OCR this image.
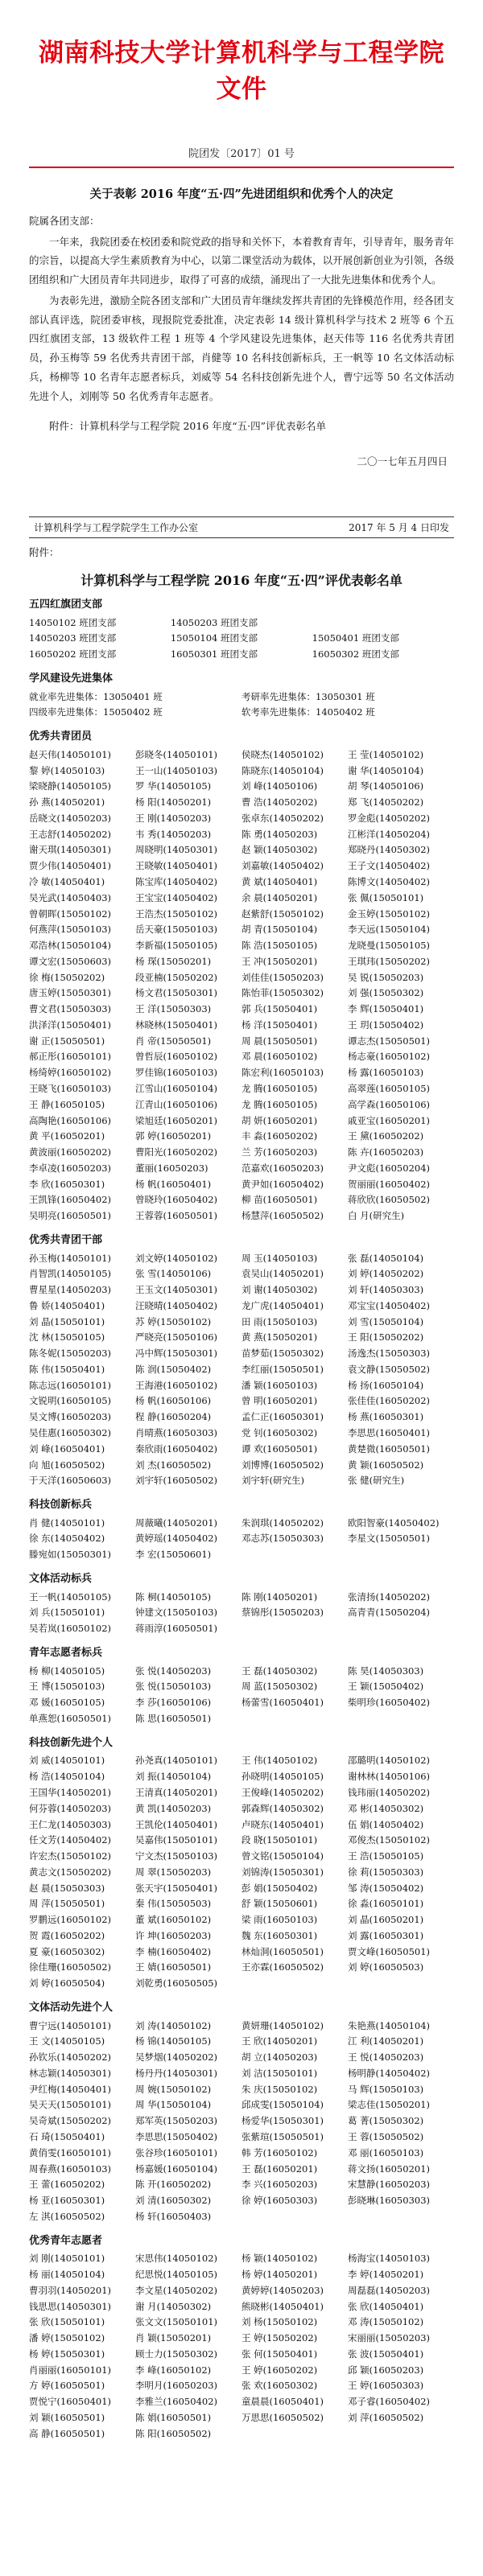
湖南科技大学计算机科学与工程学院文件
院团发〔2017〕01 号
关于表彰 2016 年度“五·四”先进团组织和优秀个人的决定
院属各团支部：

一年来，我院团委在校团委和院党政的指导和关怀下，本着教育青年，引导青年，服务青年的宗旨，以提高大学生素质教育为中心，以第二课堂活动为载体，以开展创新创业为引领，各级团组织和广大团员青年共同进步，取得了可喜的成绩，涌现出了一大批先进集体和优秀个人。

为表彰先进，激励全院各团支部和广大团员青年继续发挥共青团的先锋模范作用，经各团支部认真评选，院团委审核，现报院党委批准，决定表彰 14 级计算机科学与技术 2 班等 6 个五四红旗团支部，13 级软件工程 1 班等 4 个学风建设先进集体，赵天伟等 116 名优秀共青团员，孙玉梅等 59 名优秀共青团干部，肖健等 10 名科技创新标兵，王一帆等 10 名文体活动标兵，杨柳等 10 名青年志愿者标兵，刘威等 54 名科技创新先进个人，曹宁远等 50 名文体活动先进个人，刘刚等 50 名优秀青年志愿者。

附件：计算机科学与工程学院 2016 年度“五·四”评优表彰名单
二〇一七年五月四日
计算机科学与工程学院学生工作办公室	2017 年 5 月 4 日印发
附件：
计算机科学与工程学院 2016 年度“五·四”评优表彰名单
五四红旗团支部
14050102 班团支部	14050203 班团支部
14050203 班团支部	15050104 班团支部	15050401 班团支部
16050202 班团支部	16050301 班团支部	16050302 班团支部
学风建设先进集体
就业率先进集体：13050401 班	考研率先进集体：13050301 班
四级率先进集体：15050402 班	软考率先进集体：14050402 班
优秀共青团员
赵天伟(14050101)	彭晓冬(14050101)	侯晓杰(14050102)	王 莹(14050102)
黎 婷(14050103)	王一山(14050103)	陈晓东(14050104)	谢 华(14050104)
梁晓静(14050105)	罗 华(14050105)	刘 峰(14050106)	胡 琴(14050106)
孙 燕(14050201)	杨 阳(14050201)	曹 浩(14050202)	郑 飞(14050202)
岳晓文(14050203)	王 刚(14050203)	张卓东(14050202)	罗金彪(14050202)
王志舒(14050202)	韦 秀(14050203)	陈 勇(14050203)	江彬洋(14050204)
谢天琪(14050301)	周晓明(14050301)	赵 颖(14050302)	郑晓丹(14050302)
贾少伟(14050401)	王晓敏(14050401)	刘嘉敏(14050402)	王子文(14050402)
冷 敏(14050401)	陈宝库(14050402)	黄 斌(14050401)	陈博文(14050402)
吴光武(14050403)	王宝宝(14050402)	余 晨(14050201)	张 佩(15050101)
曾朝晖(15050102)	王浩杰(15050102)	赵紫舒(15050102)	金玉婷(15050102)
何燕萍(15050103)	岳天豪(15050103)	胡 青(15050104)	李天远(15050104)
邓浩林(15050104)	李新福(15050105)	陈 浩(15050105)	龙晓曼(15050105)
谭文宏(15050603)	杨 琛(15050201)	王 冲(15050201)	王琪玮(15050202)
徐 梅(15050202)	段亚楠(15050202)	刘佳佳(15050203)	吴 锐(15050203)
唐玉婷(15050301)	杨文君(15050301)	陈怡菲(15050302)	刘 强(15050302)
曹文君(15050303)	王 洋(15050303)	郭 兵(15050401)	李 辉(15050401)
洪泽洋(15050401)	林晓林(15050401)	杨 洋(15050401)	王 玥(15050402)
谢 正(15050501)	肖 帝(15050501)	周 晨(15050501)	谭志杰(15050501)
郝正彤(16050101)	曾哲辰(16050102)	邓 晨(16050102)	杨志豪(16050102)
杨绮婷(16050102)	罗佳锦(16050103)	陈宏利(16050103)	杨 露(16050103)
王晓飞(16050103)	江雪山(16050104)	龙 腾(16050105)	高翠莲(16050105)
王 静(16050105)	江青山(16050106)	龙 腾(16050105)	高学森(16050106)
高陶艳(16050106)	梁旭廷(16050201)	胡 妍(16050201)	戚亚宝(16050201)
黄 平(16050201)	郭 婷(16050201)	丰 淼(16050202)	王 黛(16050202)
黄波丽(16050202)	曹阳光(16050202)	兰 芳(16050203)	陈 卉(16050203)
李卓凌(16050203)	董丽(16050203)	范嘉欢(16050203)	尹文彪(16050204)
李 欣(16050301)	杨 帆(16050401)	黄尹如(16050402)	贺丽丽(16050402)
王凯锋(16050402)	曾晓玲(16050402)	柳 苗(16050501)	蒋欣欣(16050502)
吴明亮(16050501)	王蓉蓉(16050501)	杨慧萍(16050502)	白 月(研究生)
优秀共青团干部
孙玉梅(14050101)	刘文婷(14050102)	周 玉(14050103)	张 磊(14050104)
肖智凯(14050105)	张 雪(14050106)	袁吴山(14050201)	刘 婷(14050202)
曹星星(14050203)	王玉文(14050301)	刘 谢(14050302)	刘 轩(14050303)
鲁 娇(14050401)	汪晓晴(14050402)	龙广虎(14050401)	邓宝宝(14050402)
刘 晶(15050101)	苏 婷(15050102)	田 雨(15050103)	刘 雪(15050104)
沈 林(15050105)	严晓亮(15050106)	黄 燕(15050201)	王 阳(15050202)
陈冬妮(15050203)	冯中辉(15050301)	苗梦茹(15050302)	汤逸杰(15050303)
陈 伟(15050401)	陈 润(15050402)	李红丽(15050501)	袁文静(15050502)
陈志远(16050101)	王海港(16050102)	潘 颖(16050103)	杨 扬(16050104)
文锐明(16050105)	杨 帆(16050106)	曾 明(16050201)	张佳佳(16050202)
吴文博(16050203)	程 静(16050204)	孟仁正(16050301)	杨 燕(16050301)
吴佳惠(16050302)	肖晴燕(16050303)	党 钊(16050302)	李思思(16050401)
刘 峰(16050401)	秦欣雨(16050402)	谭 欢(16050501)	黄楚微(16050501)
向 旭(16050502)	刘 杰(16050502)	刘博博(16050502)	黄 颖(16050502)
于天洋(16050603)	刘宇轩(16050502)	刘宇轩(研究生)	张 健(研究生)
科技创新标兵
肖 健(14050101)	周薇曦(14050201)	朱润琪(14050202)	欧阳智豪(14050402)
徐 东(14050402)	黄婷瑶(14050402)	邓志苏(15050303)	李星文(15050501)
滕宛如(15050301)	李 宏(15050601)
文体活动标兵
王一帆(14050105)	陈 桐(14050105)	陈 刚(14050201)	张清扬(14050202)
刘 兵(15050101)	钟建文(15050103)	蔡锦彤(15050203)	高青青(15050204)
吴若岚(16050102)	蒋雨淳(16050501)
青年志愿者标兵
杨 柳(14050105)	张 悦(14050203)	王 磊(14050302)	陈 昊(14050303)
王 博(15050103)	张 悦(15050103)	周 蓝(15050302)	王 颖(15050402)
邓 媛(16050105)	李 莎(16050106)	杨蕾雪(16050401)	柴明珍(16050402)
单燕恕(16050501)	陈 思(16050501)
科技创新先进个人
刘 威(14050101)	孙尧真(14050101)	王 伟(14050102)	邵璐明(14050102)
杨 浩(14050104)	刘 振(14050104)	孙晓明(14050105)	谢林林(14050106)
王国华(14050201)	王清真(14050201)	王俊峰(14050202)	钱玮丽(14050202)
何芬蓉(14050203)	黄 凯(14050203)	郭森辉(14050302)	邓 彬(14050302)
王仁龙(14050303)	王凯伦(14050401)	卢晓东(14050401)	伍 娟(14050402)
任文芳(14050402)	吴嘉伟(15050101)	段 晓(15050101)	邓俊杰(15050102)
许宏杰(15050102)	宁文杰(15050103)	曾文铭(15050104)	王 浩(15050105)
黄志文(15050202)	周 翠(15050203)	刘锦涛(15050301)	徐 莉(15050303)
赵 晨(15050303)	张天宇(15050401)	彭 娟(15050402)	邹 涛(15050402)
周 萍(15050501)	秦 伟(15050503)	舒 颖(15050601)	徐 淼(16050101)
罗鹏远(16050102)	董 斌(16050102)	梁 雨(16050103)	刘 晶(16050201)
贺 霞(16050202)	许 坤(16050203)	魏 东(16050301)	刘 露(16050301)
夏 豪(16050302)	李 楠(16050402)	林灿洞(16050501)	贾文峰(16050501)
徐佳珊(16050502)	王 婧(16050501)	王亦霖(16050502)	刘 婷(16050503)
刘 婷(16050504)	刘乾勇(16050505)
文体活动先进个人
曹宁远(14050101)	刘 涛(14050102)	黄妍珊(14050102)	朱艳燕(14050104)
王 文(14050105)	杨 锦(14050105)	王 欣(14050201)	江 利(14050201)
孙钦乐(14050202)	吴梦烟(14050202)	胡 立(14050203)	王 悦(14050203)
林志颖(14050301)	杨丹丹(14050301)	刘 洁(15050101)	杨明静(14050402)
尹红梅(14050401)	周 婉(15050102)	朱 庆(15050102)	马 辉(15050103)
吴天天(15050101)	周 华(15050104)	邱成雯(15050104)	梁志佳(15050201)
吴奇斌(15050202)	郑军英(15050203)	杨爱华(15050301)	葛 菁(15050302)
石 琦(15050401)	李思思(15050402)	张紫瑄(15050501)	王 蓉(15050502)
黄俏雯(16050101)	张谷珍(16050101)	韩 芳(16050102)	邓 丽(16050103)
周春燕(16050103)	杨嘉媛(16050104)	王 磊(16050201)	蒋文扬(16050201)
王 蕾(16050202)	陈 开(16050202)	李 兴(16050203)	宋慧静(16050203)
杨 亚(16050301)	刘 清(16050302)	徐 婷(16050303)	彭晓琳(16050303)
左 淇(16050502)	杨 轩(16050403)
优秀青年志愿者
刘 刚(14050101)	宋思伟(14050102)	杨 颖(14050102)	杨海宝(14050103)
杨 丽(14050104)	纪思悦(14050105)	杨 婷(14050201)	李 婷(14050201)
曹羽羽(14050201)	李文星(14050202)	黄婷婷(14050203)	周磊磊(14050203)
钱思思(14050301)	谢 月(14050302)	熊晓彬(14050401)	张 欣(14050401)
张 欣(15050101)	张文文(15050101)	刘 杨(15050102)	邓 涛(15050102)
潘 婷(15050102)	肖 颖(15050201)	王 婷(15050202)	宋丽丽(15050203)
杨 婷(15050301)	顾士力(15050302)	张 何(15050401)	张 波(15050401)
肖丽丽(16050101)	李 峰(16050102)	王 婷(16050202)	邱 颖(16050203)
方 婷(16050501)	李明月(16050203)	张 欢(16050302)	王 婷(16050303)
贾悦宁(16050401)	李雅兰(16050402)	童晨晨(16050401)	邓子睿(16050402)
刘 颖(16050501)	陈 娟(16050501)	万思思(16050502)	刘 萍(16050502)
高 静(16050501)	陈 阳(16050502)
